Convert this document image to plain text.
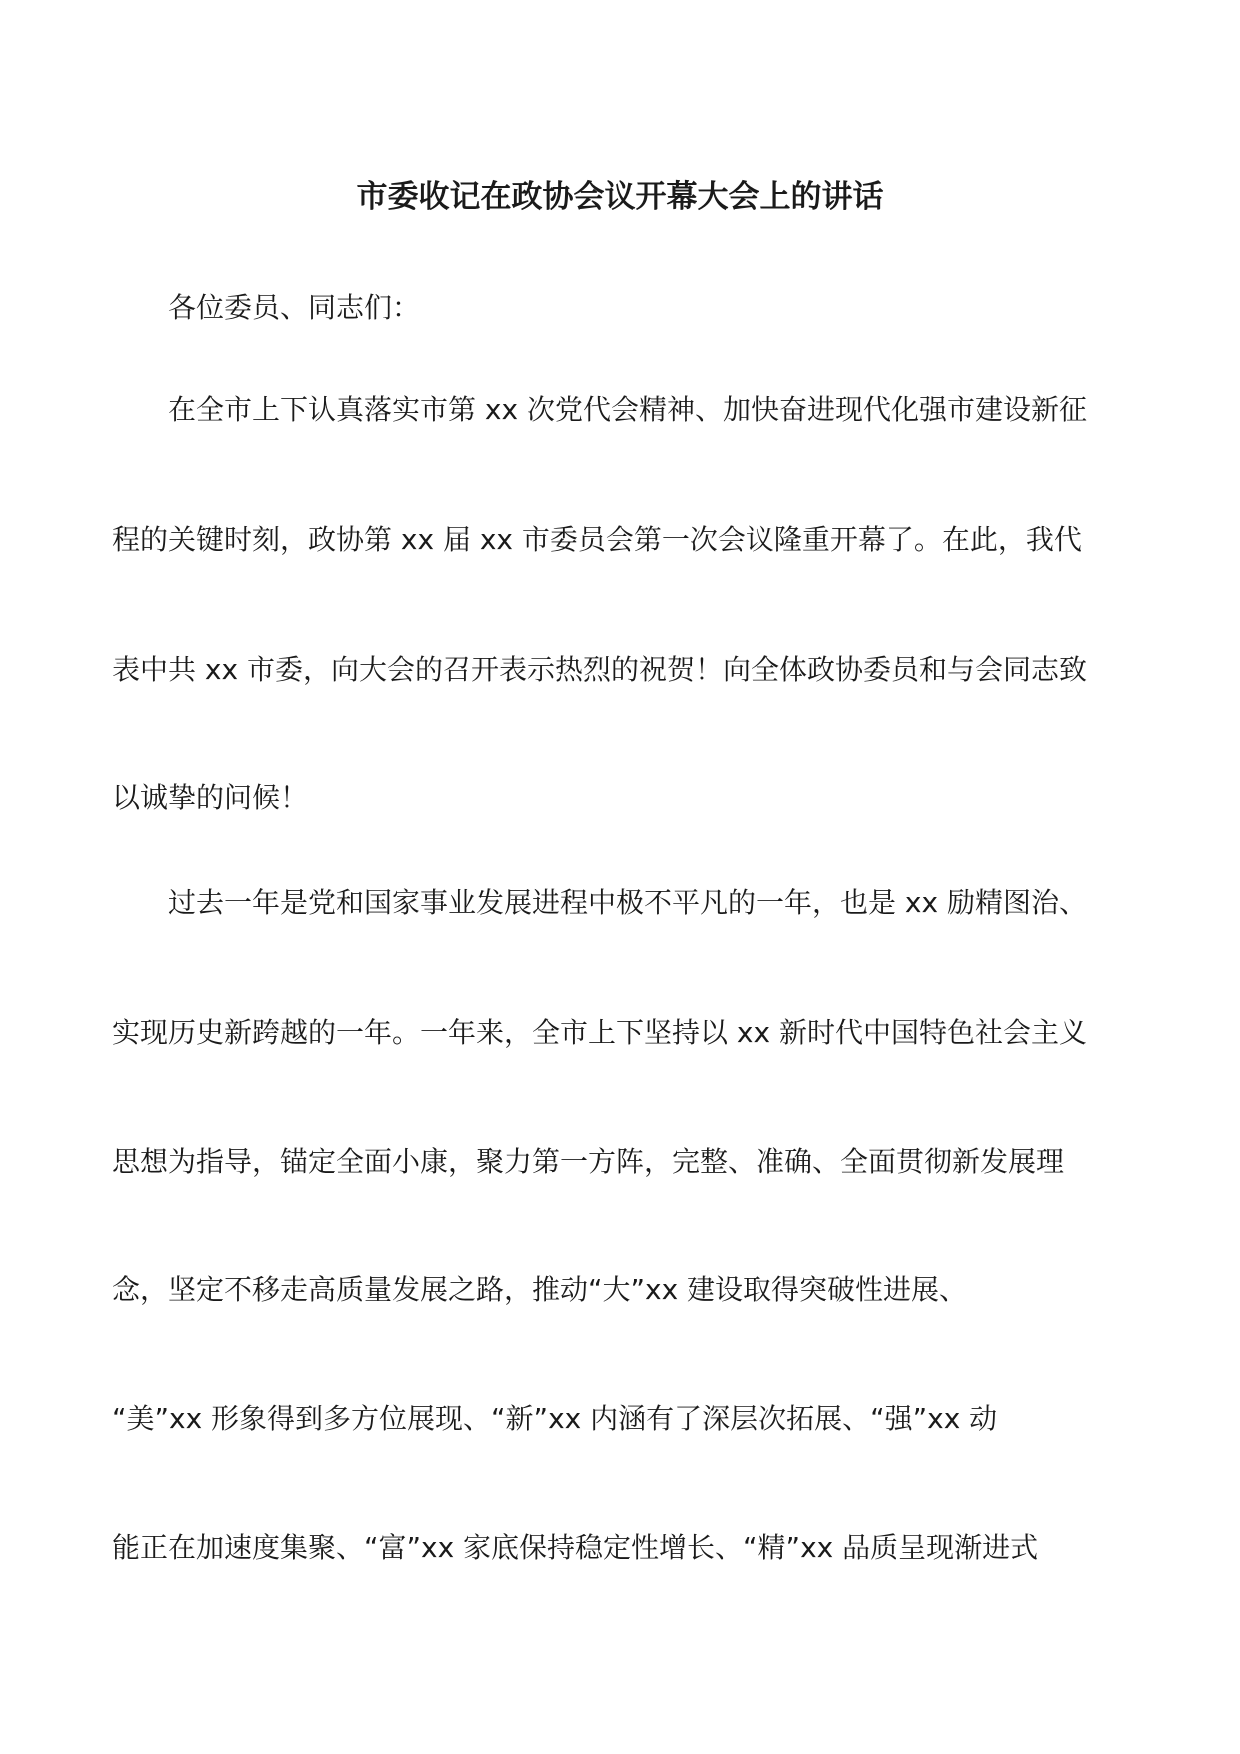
市委收记在政协会议开幕大会上的讲话
各位委员、同志们：
在全市上下认真落实市第 xx 次党代会精神、加快奋进现代化强市建设新征
程的关键时刻，政协第 xx 届 xx 市委员会第一次会议隆重开幕了。在此，我代
表中共 xx 市委，向大会的召开表示热烈的祝贺！向全体政协委员和与会同志致
以诚挚的问候！
过去一年是党和国家事业发展进程中极不平凡的一年，也是 xx 励精图治、
实现历史新跨越的一年。一年来，全市上下坚持以 xx 新时代中国特色社会主义
思想为指导，锚定全面小康，聚力第一方阵，完整、准确、全面贯彻新发展理
念，坚定不移走高质量发展之路，推动“大”xx 建设取得突破性进展、
“美”xx 形象得到多方位展现、“新”xx 内涵有了深层次拓展、“强”xx 动
能正在加速度集聚、“富”xx 家底保持稳定性增长、“精”xx 品质呈现渐进式
